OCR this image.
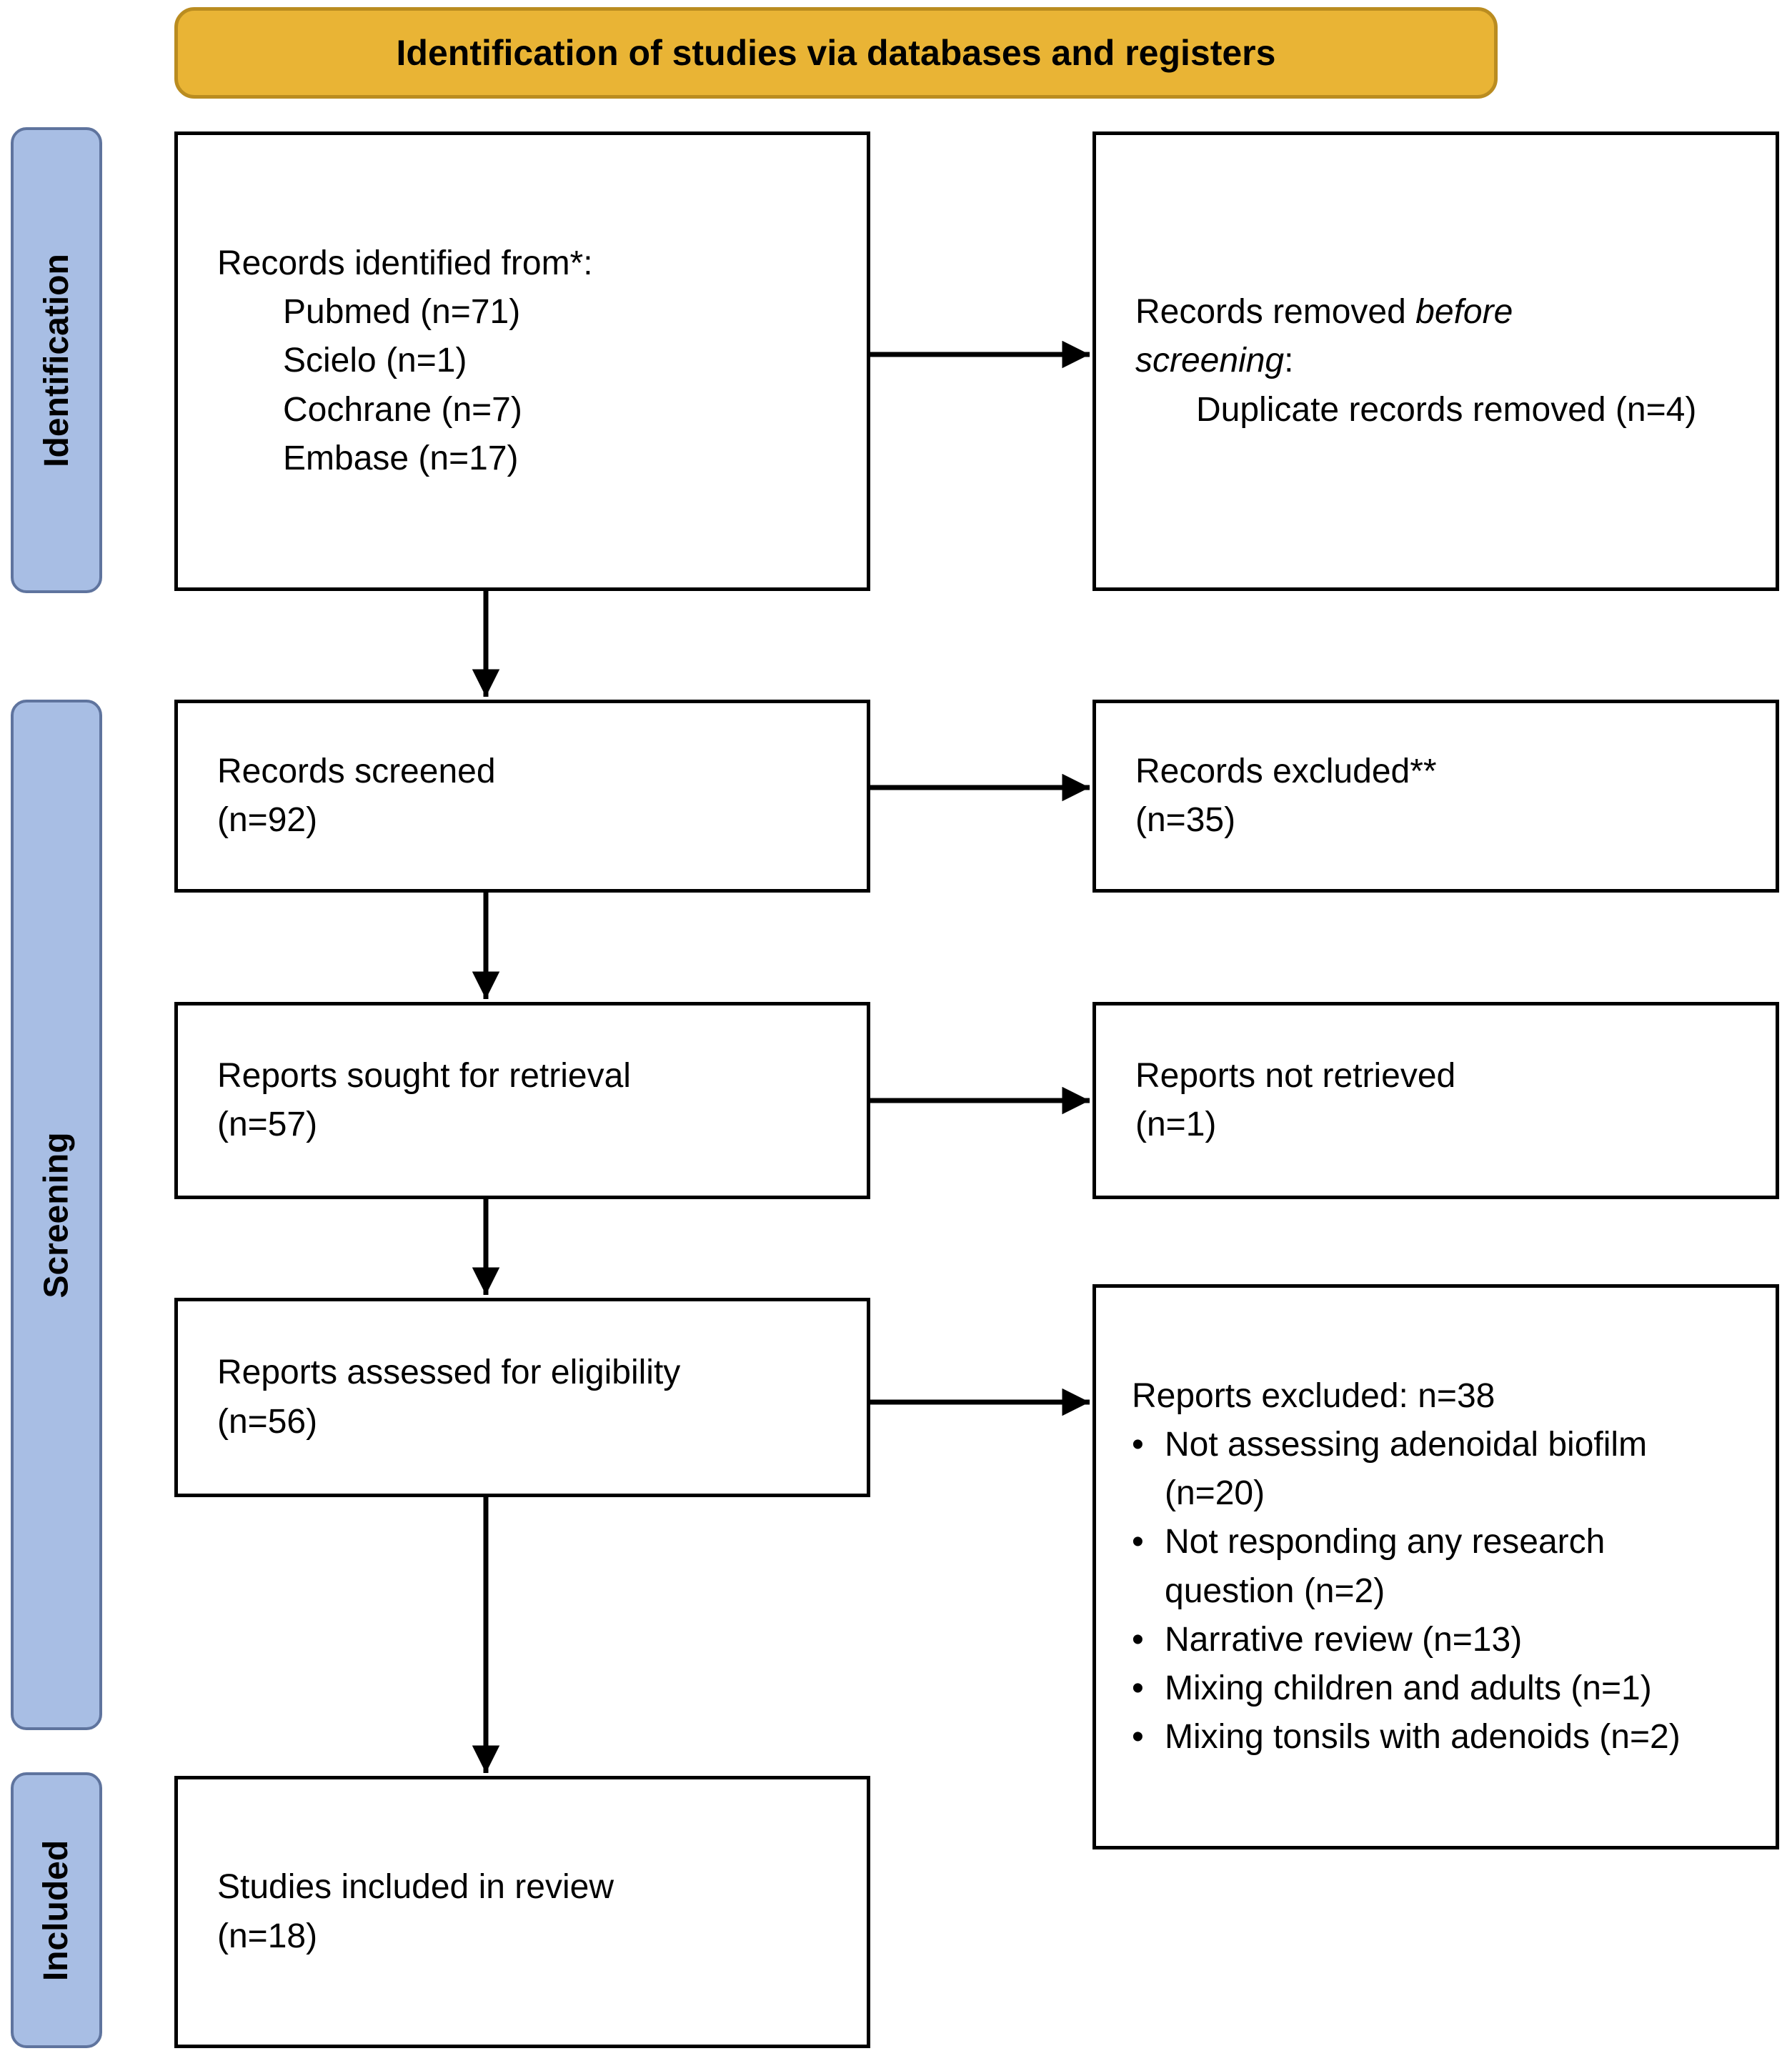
Identification of studies via databases and registers
Identification
Screening
Included
Records identified from*:
Pubmed (n=71)
Scielo (n=1)
Cochrane (n=7)
Embase (n=17)
Records removed before screening:
Duplicate records removed (n=4)
Records screened
(n=92)
Records excluded**
(n=35)
Reports sought for retrieval
(n=57)
Reports not retrieved
(n=1)
Reports assessed for eligibility
(n=56)
Reports excluded: n=38
• Not assessing adenoidal biofilm (n=20)
• Not responding any research question (n=2)
• Narrative review (n=13)
• Mixing children and adults (n=1)
• Mixing tonsils with adenoids (n=2)
Studies included in review
(n=18)
